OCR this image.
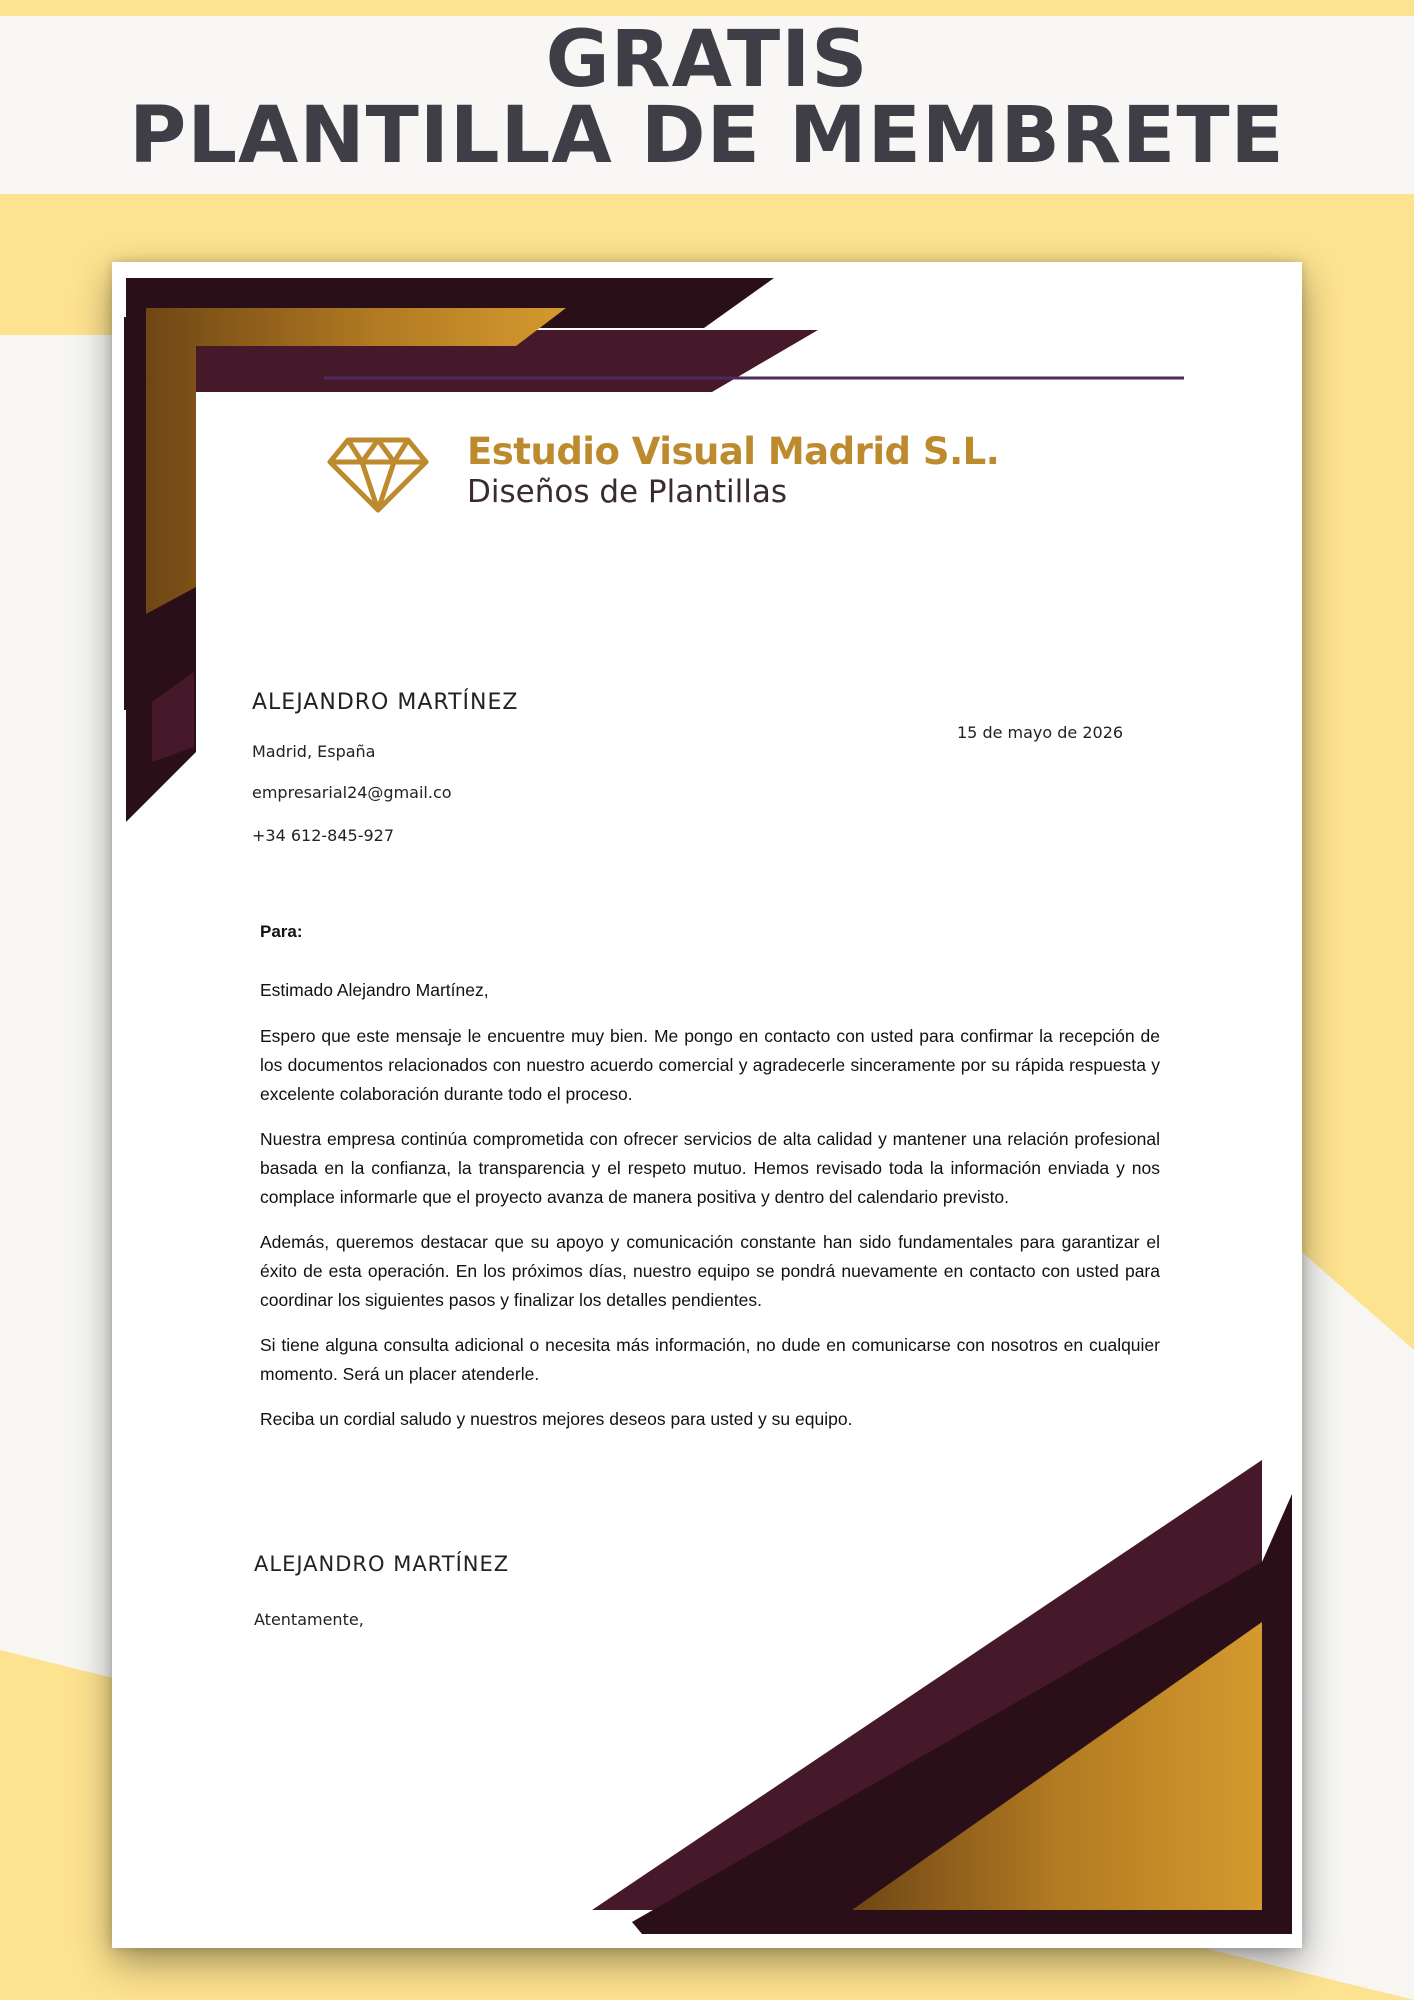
GRATIS
PLANTILLA DE MEMBRETE
Estudio Visual Madrid S.L.
Diseños de Plantillas
ALEJANDRO MARTÍNEZ
Madrid, España
empresarial24@gmail.co
+34 612-845-927
15 de mayo de 2026
Para:
Estimado Alejandro Martínez,

Espero que este mensaje le encuentre muy bien. Me pongo en contacto con usted para confirmar la recepción de los documentos relacionados con nuestro acuerdo comercial y agradecerle sinceramente por su rápida respuesta y excelente colaboración durante todo el proceso.

Nuestra empresa continúa comprometida con ofrecer servicios de alta calidad y mantener una relación profesional basada en la confianza, la transparencia y el respeto mutuo. Hemos revisado toda la información enviada y nos complace informarle que el proyecto avanza de manera positiva y dentro del calendario previsto.

Además, queremos destacar que su apoyo y comunicación constante han sido fundamentales para garantizar el éxito de esta operación. En los próximos días, nuestro equipo se pondrá nuevamente en contacto con usted para coordinar los siguientes pasos y finalizar los detalles pendientes.

Si tiene alguna consulta adicional o necesita más información, no dude en comunicarse con nosotros en cualquier momento. Será un placer atenderle.

Reciba un cordial saludo y nuestros mejores deseos para usted y su equipo.

ALEJANDRO MARTÍNEZ
Atentamente,
